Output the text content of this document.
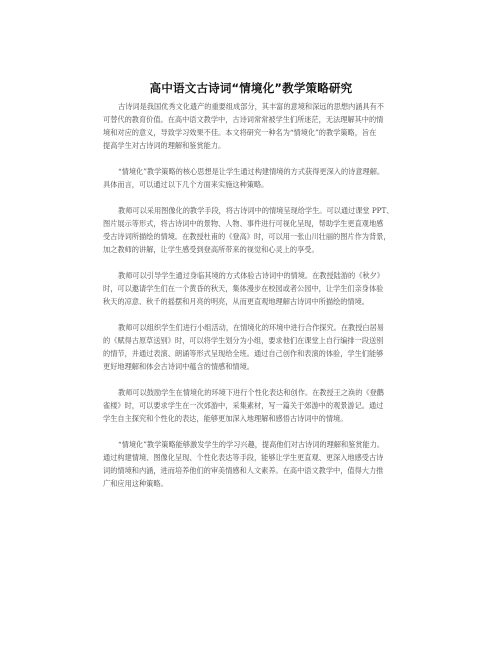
高中语文古诗词“情境化”教学策略研究

古诗词是我国优秀文化遗产的重要组成部分，其丰富的意境和深远的思想内涵具有不
可替代的教育价值。在高中语文教学中，古诗词常常被学生们所迷茫，无法理解其中的情
境和对应的意义，导致学习效果不佳。本文将研究一种名为“情境化”的教学策略，旨在
提高学生对古诗词的理解和鉴赏能力。

“情境化”教学策略的核心思想是让学生通过构建情境的方式获得更深入的诗意理解。
具体而言，可以通过以下几个方面来实施这种策略。

教师可以采用图像化的教学手段，将古诗词中的情境呈现给学生。可以通过课堂 PPT、
图片展示等形式，将古诗词中的景物、人物、事件进行可视化呈现，帮助学生更直观地感
受古诗词所描绘的情境。在教授杜甫的《登高》时，可以用一张山川壮丽的图片作为背景，
加之教师的讲解，让学生感受到登高所带来的视觉和心灵上的享受。

教师可以引导学生通过身临其境的方式体验古诗词中的情境。在教授陆游的《秋夕》
时，可以邀请学生们在一个黄昏的秋天，集体漫步在校园或者公园中，让学生们亲身体验
秋天的凉意、秋千的摇摆和月亮的明亮，从而更直观地理解古诗词中所描绘的情境。

教师可以组织学生们进行小组活动，在情境化的环境中进行合作探究。在教授白居易
的《赋得古原草送别》时，可以将学生划分为小组，要求他们在课堂上自行编排一段送别
的情节，并通过表演、朗诵等形式呈现给全班。通过自己创作和表演的体验，学生们能够
更好地理解和体会古诗词中蕴含的情感和情境。

教师可以鼓励学生在情境化的环境下进行个性化表达和创作。在教授王之涣的《登鹳
雀楼》时，可以要求学生在一次郊游中，采集素材，写一篇关于郊游中的观景游记。通过
学生自主探究和个性化的表达，能够更加深入地理解和感悟古诗词中的情境。

“情境化”教学策略能够激发学生的学习兴趣，提高他们对古诗词的理解和鉴赏能力。
通过构建情境、图像化呈现、个性化表达等手段，能够让学生更直观、更深入地感受古诗
词的情境和内涵，进而培养他们的审美情感和人文素养。在高中语文教学中，值得大力推
广和应用这种策略。
